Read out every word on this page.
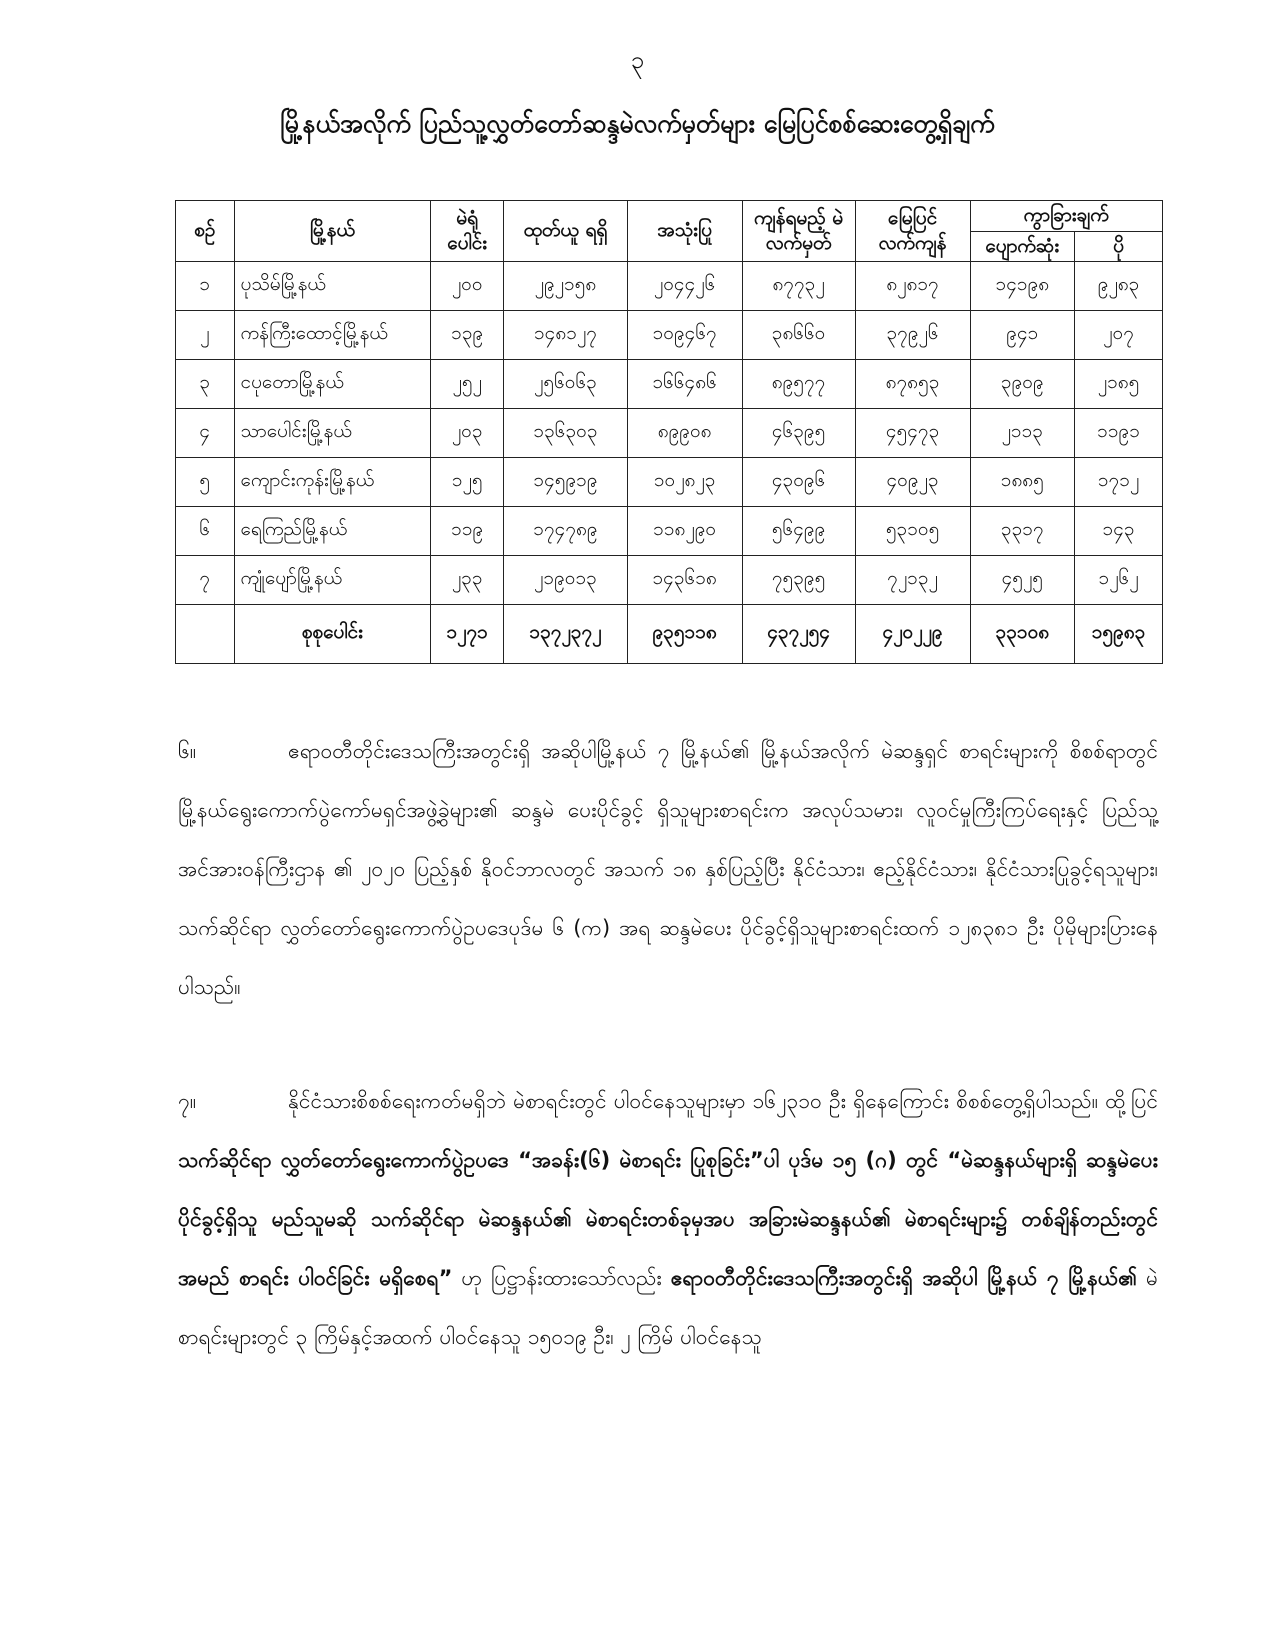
၃
မြို့နယ်အလိုက် ပြည်သူ့လွှတ်တော်ဆန္ဒမဲလက်မှတ်များ မြေပြင်စစ်ဆေးတွေ့ရှိချက်
စဉ်	မြို့နယ်	မဲရုံ ပေါင်း	ထုတ်ယူ ရရှိ	အသုံးပြု	ကျန်ရမည့် မဲလက်မှတ်	မြေပြင် လက်ကျန်	ကွာခြားချက်	
							ပျောက်ဆုံး	ပို
၁	ပုသိမ်မြို့နယ်	၂၀၀	၂၉၂၁၅၈	၂၀၄၄၂၆	၈၇၇၃၂	၈၂၈၁၇	၁၄၁၉၈	၉၂၈၃
၂	ကန်ကြီးထောင့်မြို့နယ်	၁၃၉	၁၄၈၁၂၇	၁၀၉၄၆၇	၃၈၆၆၀	၃၇၉၂၆	၉၄၁	၂၀၇
၃	ငပုတောမြို့နယ်	၂၅၂	၂၅၆၀၆၃	၁၆၆၄၈၆	၈၉၅၇၇	၈၇၈၅၃	၃၉၀၉	၂၁၈၅
၄	သာပေါင်းမြို့နယ်	၂၀၃	၁၃၆၃၀၃	၈၉၉၀၈	၄၆၃၉၅	၄၅၄၇၃	၂၁၁၃	၁၁၉၁
၅	ကျောင်းကုန်းမြို့နယ်	၁၂၅	၁၄၅၉၁၉	၁၀၂၈၂၃	၄၃၀၉၆	၄၀၉၂၃	၁၈၈၅	၁၇၁၂
၆	ရေကြည်မြို့နယ်	၁၁၉	၁၇၄၇၈၉	၁၁၈၂၉၀	၅၆၄၉၉	၅၃၁၀၅	၃၃၁၇	၁၄၃
၇	ကျုံပျော်မြို့နယ်	၂၃၃	၂၁၉၀၁၃	၁၄၃၆၁၈	၇၅၃၉၅	၇၂၁၃၂	၄၅၂၅	၁၂၆၂
	စုစုပေါင်း	၁၂၇၁	၁၃၇၂၃၇၂	၉၃၅၁၁၈	၄၃၇၂၅၄	၄၂၀၂၂၉	၃၃၁၀၈	၁၅၉၈၃
၆။	ဧရာဝတီတိုင်းဒေသကြီးအတွင်းရှိ အဆိုပါမြို့နယ် ၇ မြို့နယ်၏ မြို့နယ်အလိုက် မဲဆန္ဒရှင် စာရင်းများကို စိစစ်ရာတွင် မြို့နယ်ရွေးကောက်ပွဲကော်မရှင်အဖွဲ့ခွဲများ၏ ဆန္ဒမဲ ပေးပိုင်ခွင့် ရှိသူများစာရင်းက အလုပ်သမား၊ လူဝင်မှုကြီးကြပ်ရေးနှင့် ပြည်သူ့အင်အားဝန်ကြီးဌာန ၏ ၂၀၂၀ ပြည့်နှစ် နိုဝင်ဘာလတွင် အသက် ၁၈ နှစ်ပြည့်ပြီး နိုင်ငံသား၊ ဧည့်နိုင်ငံသား၊ နိုင်ငံသားပြုခွင့်ရသူများ၊ သက်ဆိုင်ရာ လွှတ်တော်ရွေးကောက်ပွဲဥပဒေပုဒ်မ ၆ (က) အရ ဆန္ဒမဲပေး ပိုင်ခွင့်ရှိသူများစာရင်းထက် ၁၂၈၃၈၁ ဦး ပိုမိုများပြားနေပါသည်။
၇။	နိုင်ငံသားစိစစ်ရေးကတ်မရှိဘဲ မဲစာရင်းတွင် ပါဝင်နေသူများမှာ ၁၆၂၃၁၀ ဦး ရှိနေကြောင်း စိစစ်တွေ့ရှိပါသည်။ ထို့ပြင် သက်ဆိုင်ရာ လွှတ်တော်ရွေးကောက်ပွဲဥပဒေ “အခန်း(၆) မဲစာရင်း ပြုစုခြင်း”ပါ ပုဒ်မ ၁၅ (ဂ) တွင် “မဲဆန္ဒနယ်များရှိ ဆန္ဒမဲပေးပိုင်ခွင့်ရှိသူ မည်သူမဆို သက်ဆိုင်ရာ မဲဆန္ဒနယ်၏ မဲစာရင်းတစ်ခုမှအပ အခြားမဲဆန္ဒနယ်၏ မဲစာရင်းများ၌ တစ်ချိန်တည်းတွင် အမည် စာရင်း ပါဝင်ခြင်း မရှိစေရ” ဟု ပြဋ္ဌာန်းထားသော်လည်း ဧရာဝတီတိုင်းဒေသကြီးအတွင်းရှိ အဆိုပါ မြို့နယ် ၇ မြို့နယ်၏ မဲစာရင်းများတွင် ၃ ကြိမ်နှင့်အထက် ပါဝင်နေသူ ၁၅၀၁၉ ဦး၊ ၂ ကြိမ် ပါဝင်နေသူ
